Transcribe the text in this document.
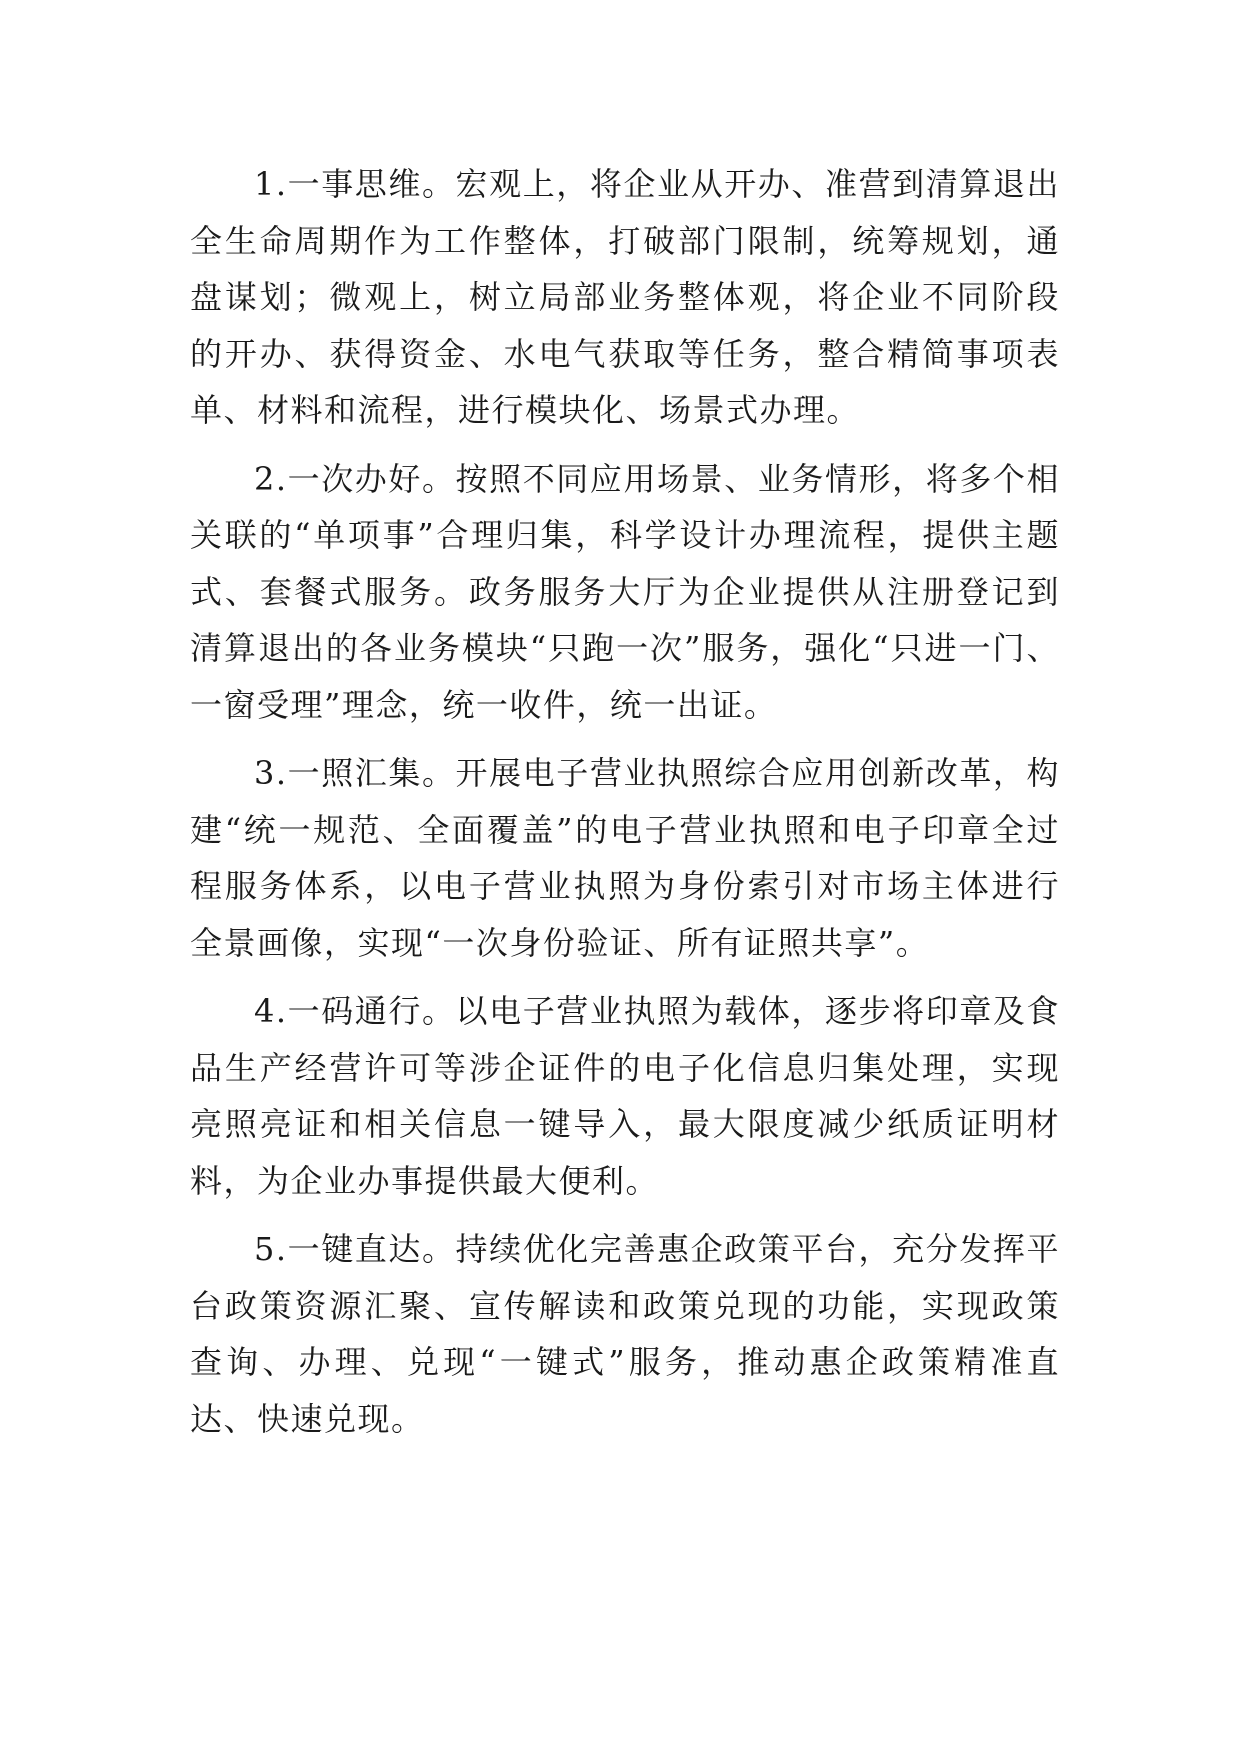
1.一事思维。宏观上，将企业从开办、准营到清算退出全生命周期作为工作整体，打破部门限制，统筹规划，通盘谋划；微观上，树立局部业务整体观，将企业不同阶段的开办、获得资金、水电气获取等任务，整合精简事项表单、材料和流程，进行模块化、场景式办理。

2.一次办好。按照不同应用场景、业务情形，将多个相关联的“单项事”合理归集，科学设计办理流程，提供主题式、套餐式服务。政务服务大厅为企业提供从注册登记到清算退出的各业务模块“只跑一次”服务，强化“只进一门、一窗受理”理念，统一收件，统一出证。

3.一照汇集。开展电子营业执照综合应用创新改革，构建“统一规范、全面覆盖”的电子营业执照和电子印章全过程服务体系，以电子营业执照为身份索引对市场主体进行全景画像，实现“一次身份验证、所有证照共享”。

4.一码通行。以电子营业执照为载体，逐步将印章及食品生产经营许可等涉企证件的电子化信息归集处理，实现亮照亮证和相关信息一键导入，最大限度减少纸质证明材料，为企业办事提供最大便利。

5.一键直达。持续优化完善惠企政策平台，充分发挥平台政策资源汇聚、宣传解读和政策兑现的功能，实现政策查询、办理、兑现“一键式”服务，推动惠企政策精准直达、快速兑现。
